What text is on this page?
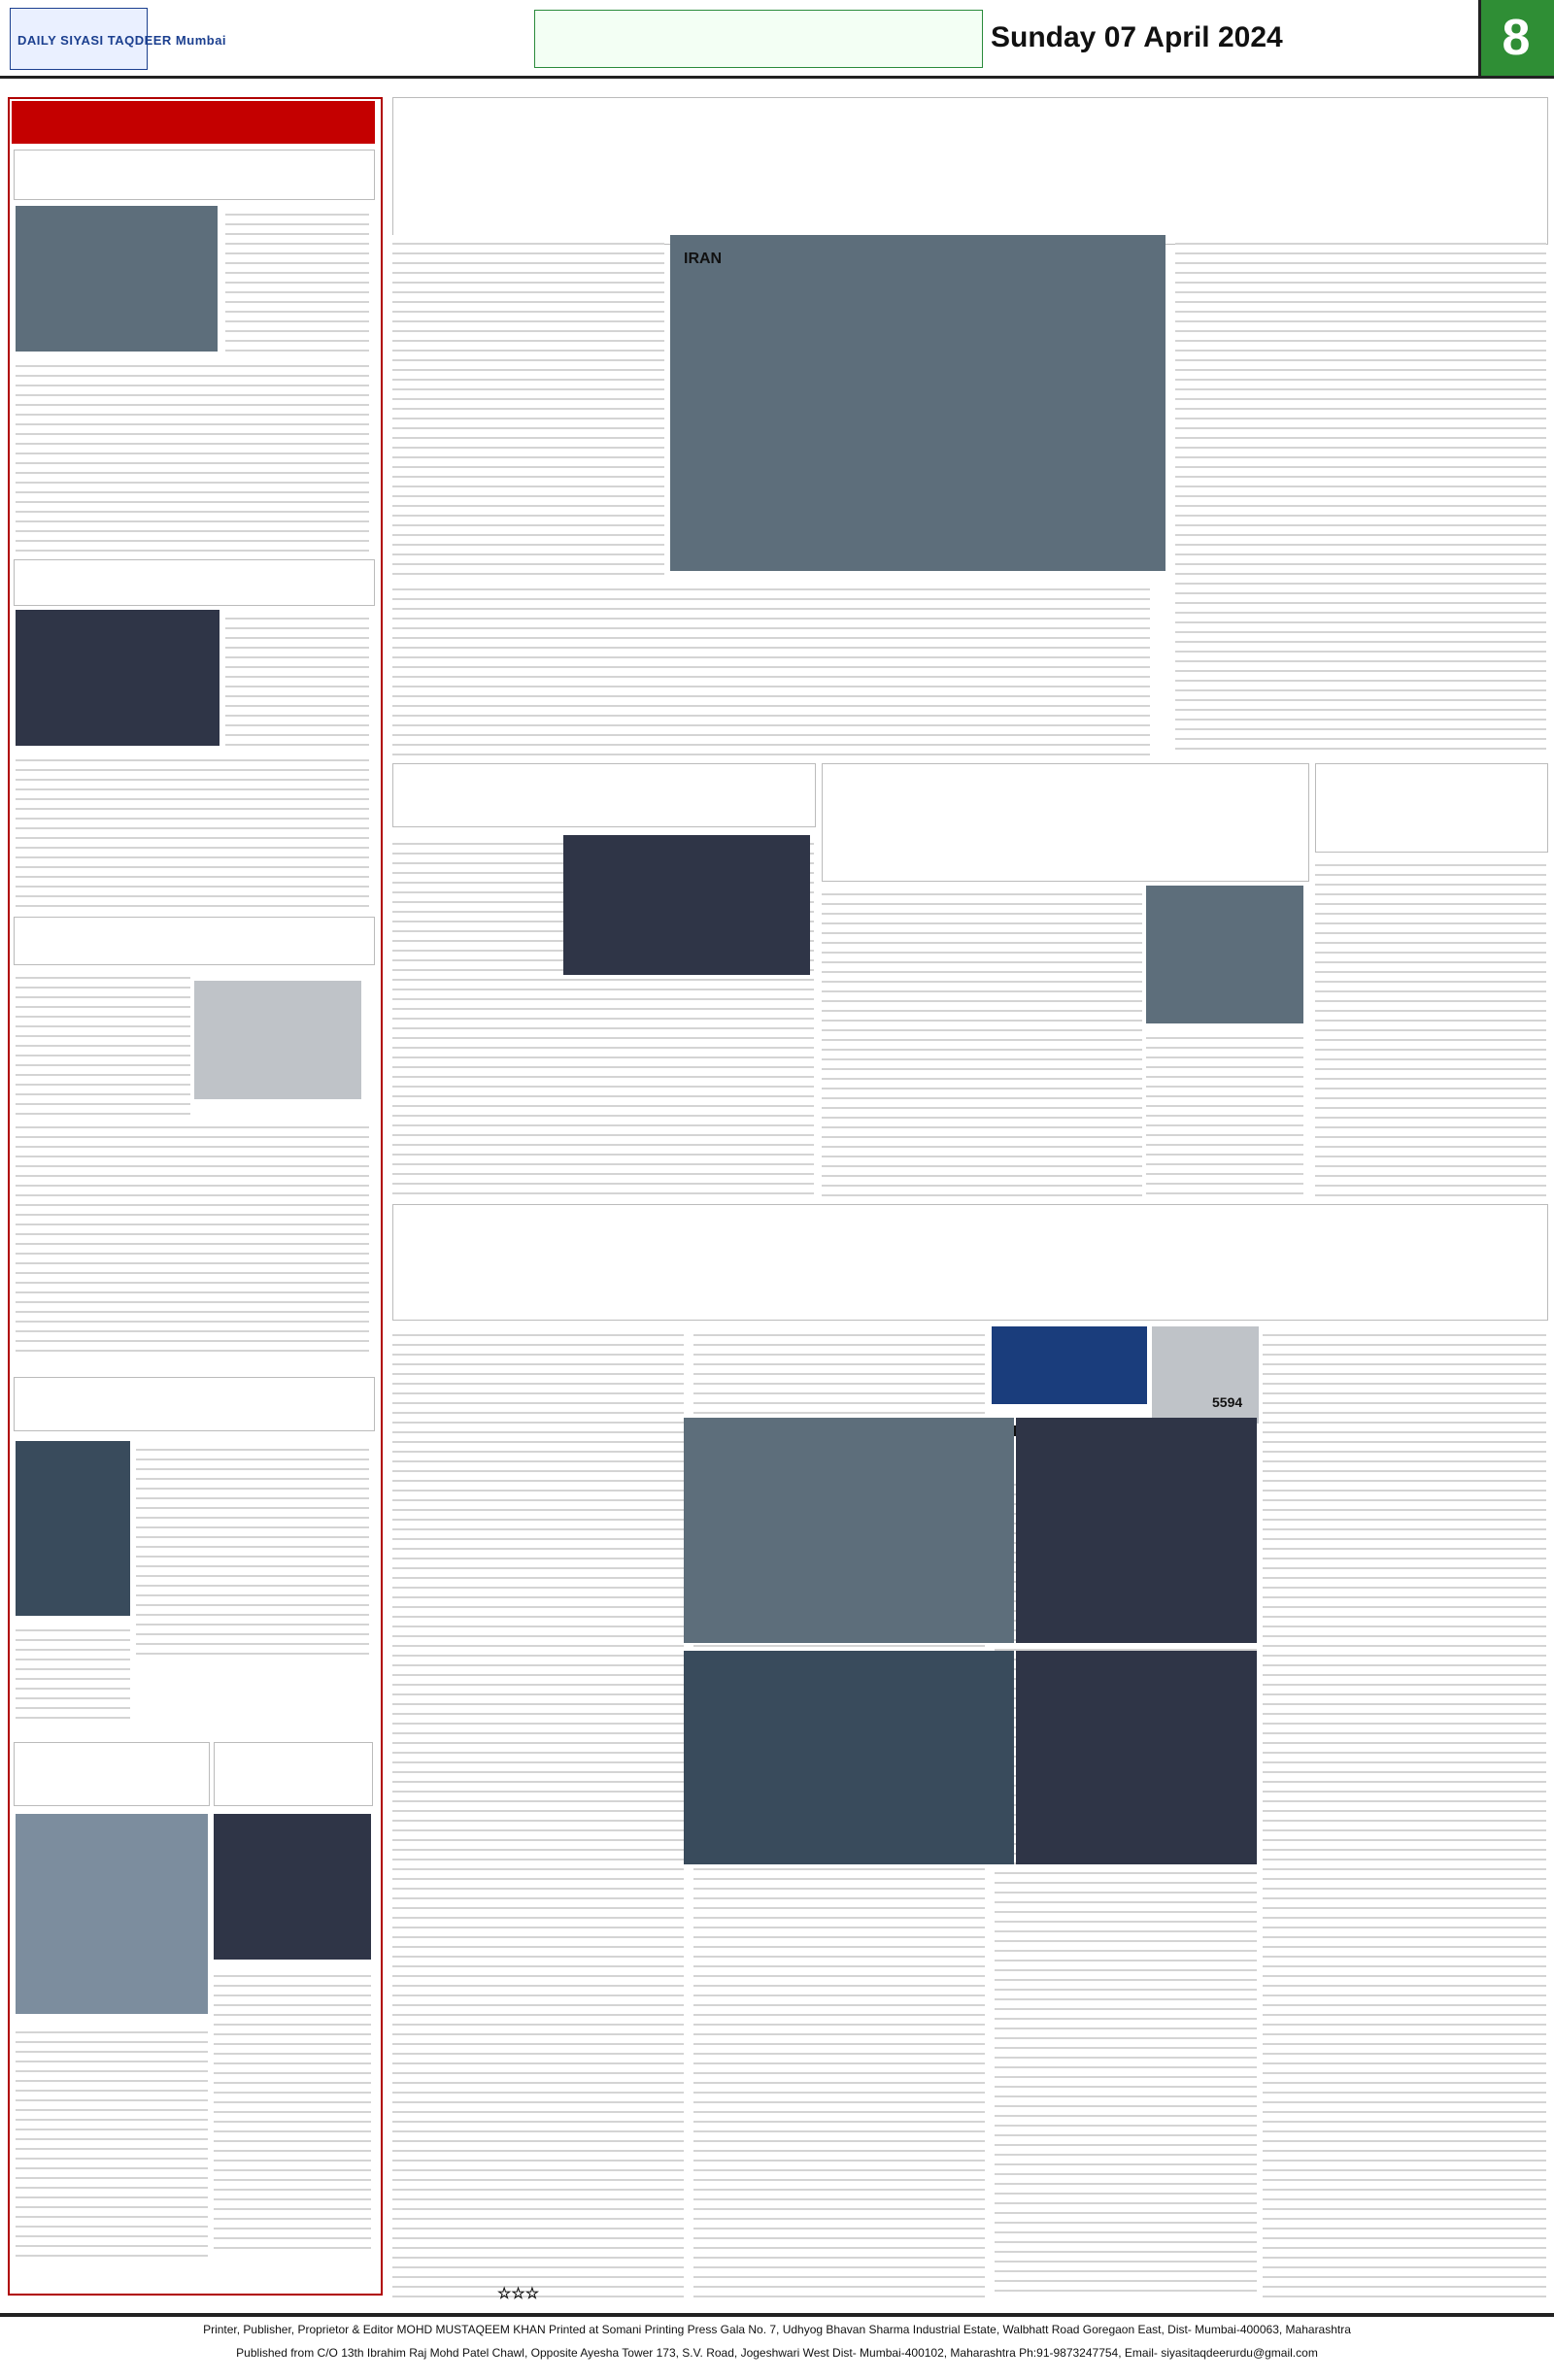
DAILY SIYASI TAQDEER Mumbai	Sunday 07 April 2024	8
IRAN
5594
☆☆☆
Printer, Publisher, Proprietor & Editor MOHD MUSTAQEEM KHAN Printed at Somani Printing Press Gala No. 7, Udhyog Bhavan Sharma Industrial Estate, Walbhatt Road Goregaon East, Dist- Mumbai-400063, Maharashtra
Published from C/O 13th Ibrahim Raj Mohd Patel Chawl, Opposite Ayesha Tower 173, S.V. Road, Jogeshwari West Dist- Mumbai-400102, Maharashtra Ph:91-9873247754, Email- siyasitaqdeerurdu@gmail.com
